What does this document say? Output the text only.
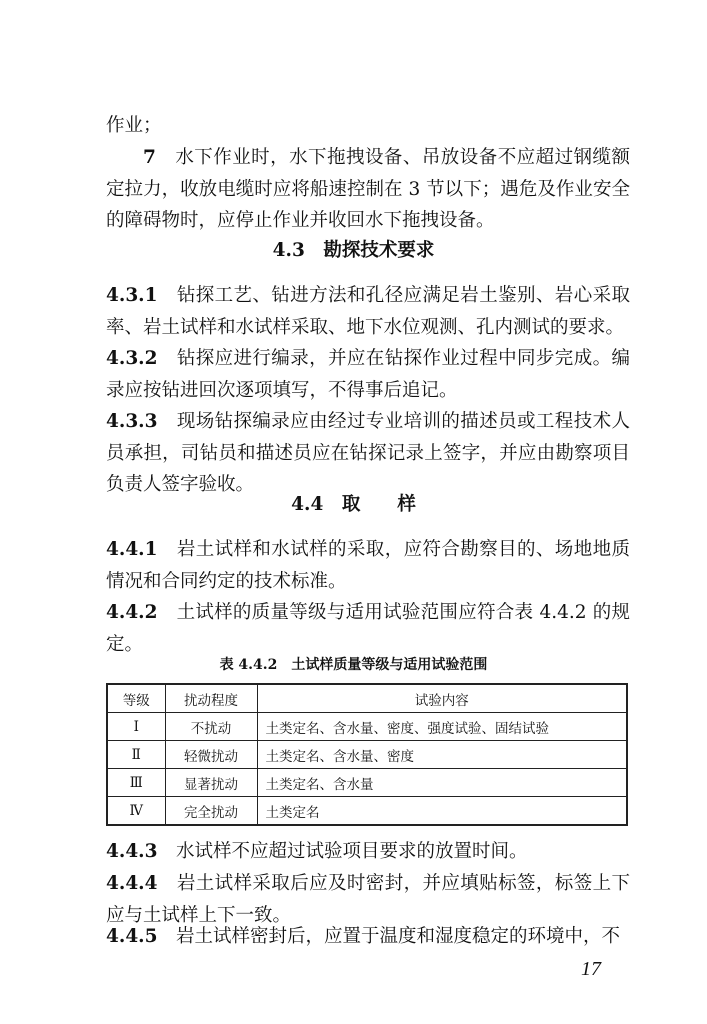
作业；

7　 水下作业时，水下拖拽设备、吊放设备不应超过钢缆额定拉力，收放电缆时应将船速控制在 3 节以下；遇危及作业安全的障碍物时，应停止作业并收回水下拖拽设备。

4.3　勘探技术要求

4.3.1　 钻探工艺、钻进方法和孔径应满足岩土鉴别、岩心采取率、岩土试样和水试样采取、地下水位观测、孔内测试的要求。

4.3.2　 钻探应进行编录，并应在钻探作业过程中同步完成。编录应按钻进回次逐项填写，不得事后追记。

4.3.3　 现场钻探编录应由经过专业培训的描述员或工程技术人员承担，司钻员和描述员应在钻探记录上签字，并应由勘察项目负责人签字验收。

4.4　取　　样

4.4.1　 岩土试样和水试样的采取，应符合勘察目的、场地地质情况和合同约定的技术标准。

4.4.2　 土试样的质量等级与适用试验范围应符合表 4.4.2 的规定。

表 4.4.2　土试样质量等级与适用试验范围

等级	扰动程度	试验内容
Ⅰ	不扰动	土类定名、含水量、密度、强度试验、固结试验
Ⅱ	轻微扰动	土类定名、含水量、密度
Ⅲ	显著扰动	土类定名、含水量
Ⅳ	完全扰动	土类定名

4.4.3　 水试样不应超过试验项目要求的放置时间。

4.4.4　 岩土试样采取后应及时密封，并应填贴标签，标签上下应与土试样上下一致。

4.4.5　 岩土试样密封后，应置于温度和湿度稳定的环境中，不

17
